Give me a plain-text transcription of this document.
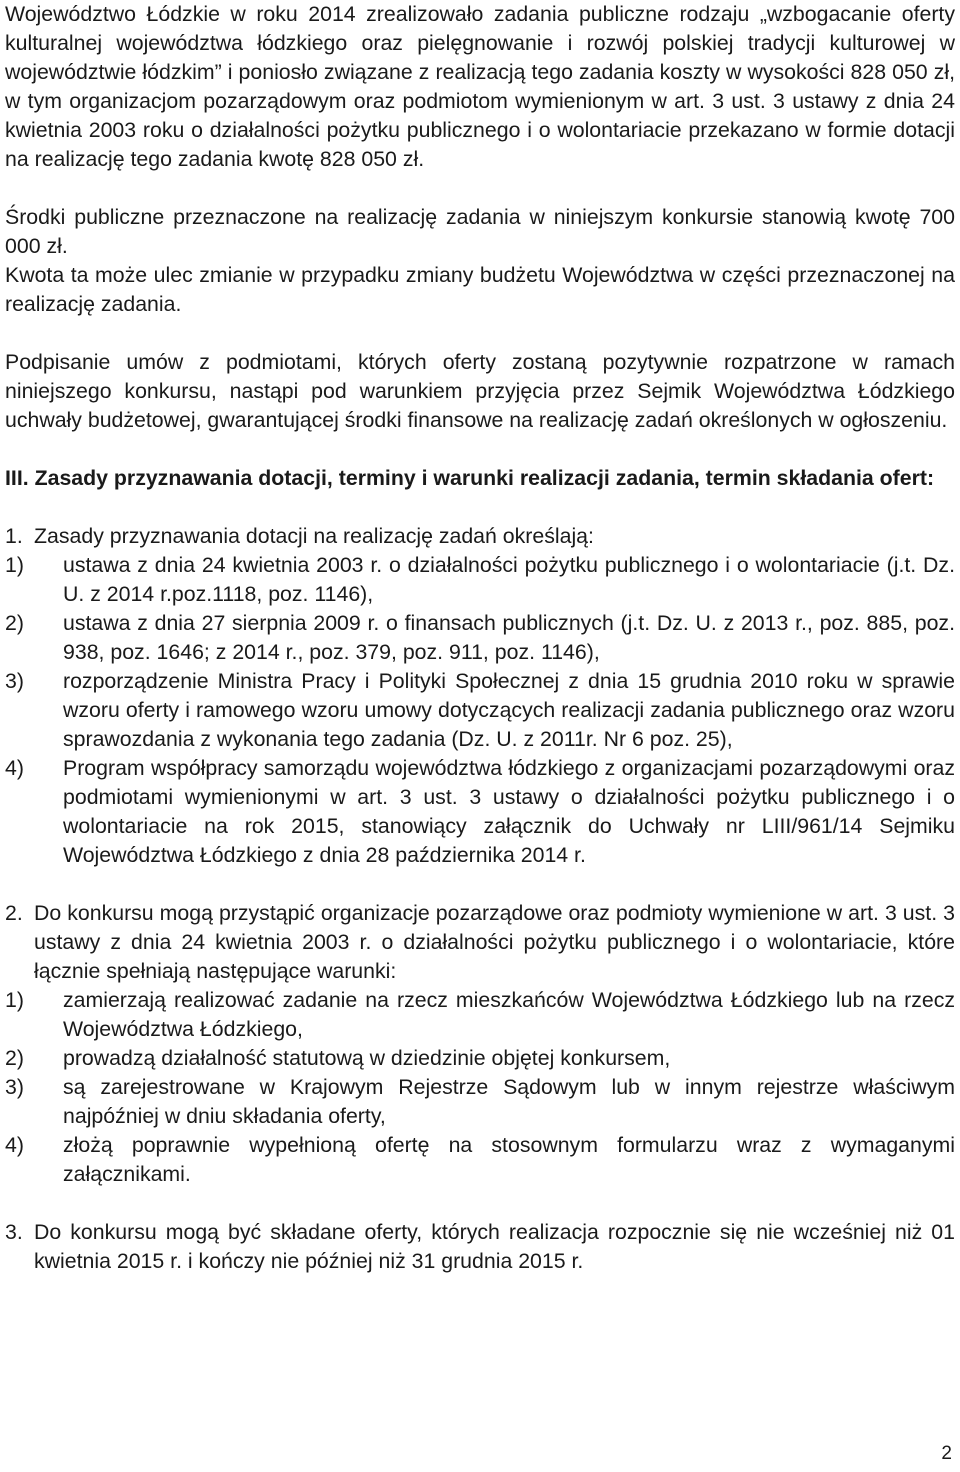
Województwo Łódzkie w roku 2014 zrealizowało zadania publiczne rodzaju „wzbogacanie oferty kulturalnej województwa łódzkiego oraz pielęgnowanie i rozwój polskiej tradycji kulturowej w województwie łódzkim” i poniosło związane z realizacją tego zadania koszty w wysokości 828 050 zł, w tym organizacjom pozarządowym oraz podmiotom wymienionym w art. 3 ust. 3 ustawy z dnia 24 kwietnia 2003 roku o działalności pożytku publicznego i o wolontariacie przekazano w formie dotacji na realizację tego zadania kwotę 828 050 zł.

Środki publiczne przeznaczone na realizację zadania w niniejszym konkursie stanowią kwotę 700 000 zł.

Kwota ta może ulec zmianie w przypadku zmiany budżetu Województwa w części przeznaczonej na realizację zadania.

Podpisanie umów z podmiotami, których oferty zostaną pozytywnie rozpatrzone w ramach niniejszego konkursu, nastąpi pod warunkiem przyjęcia przez Sejmik Województwa Łódzkiego uchwały budżetowej, gwarantującej środki finansowe na realizację zadań określonych w ogłoszeniu.

III. Zasady przyznawania dotacji, terminy i warunki realizacji zadania, termin składania ofert:
1. Zasady przyznawania dotacji na realizację zadań określają:
1)	ustawa z dnia 24 kwietnia 2003 r. o działalności pożytku publicznego i o wolontariacie (j.t. Dz. U. z 2014 r.poz.1118, poz. 1146),
2)	ustawa z dnia 27 sierpnia 2009 r. o finansach publicznych (j.t. Dz. U. z 2013 r., poz. 885, poz. 938, poz. 1646; z 2014 r., poz. 379, poz. 911, poz. 1146),
3)	rozporządzenie Ministra Pracy i Polityki Społecznej z dnia 15 grudnia 2010 roku w sprawie wzoru oferty i ramowego wzoru umowy dotyczących realizacji zadania publicznego oraz wzoru sprawozdania z wykonania tego zadania (Dz. U. z 2011r. Nr 6 poz. 25),
4)	Program współpracy samorządu województwa łódzkiego z organizacjami pozarządowymi oraz podmiotami wymienionymi w art. 3 ust. 3 ustawy o działalności pożytku publicznego i o wolontariacie na rok 2015, stanowiący załącznik do Uchwały nr LIII/961/14 Sejmiku Województwa Łódzkiego z dnia 28 października 2014 r.
2. Do konkursu mogą przystąpić organizacje pozarządowe oraz podmioty wymienione w art. 3 ust. 3 ustawy z dnia 24 kwietnia 2003 r. o działalności pożytku publicznego i o wolontariacie, które łącznie spełniają następujące warunki:
1)	zamierzają realizować zadanie na rzecz mieszkańców Województwa Łódzkiego lub na rzecz Województwa Łódzkiego,
2)	prowadzą działalność statutową w dziedzinie objętej konkursem,
3)	są zarejestrowane w Krajowym Rejestrze Sądowym lub w innym rejestrze właściwym najpóźniej w dniu składania oferty,
4)	złożą poprawnie wypełnioną ofertę na stosownym formularzu wraz z wymaganymi załącznikami.
3. Do konkursu mogą być składane oferty, których realizacja rozpocznie się nie wcześniej niż 01 kwietnia 2015 r. i kończy nie później niż 31 grudnia 2015 r.
2
